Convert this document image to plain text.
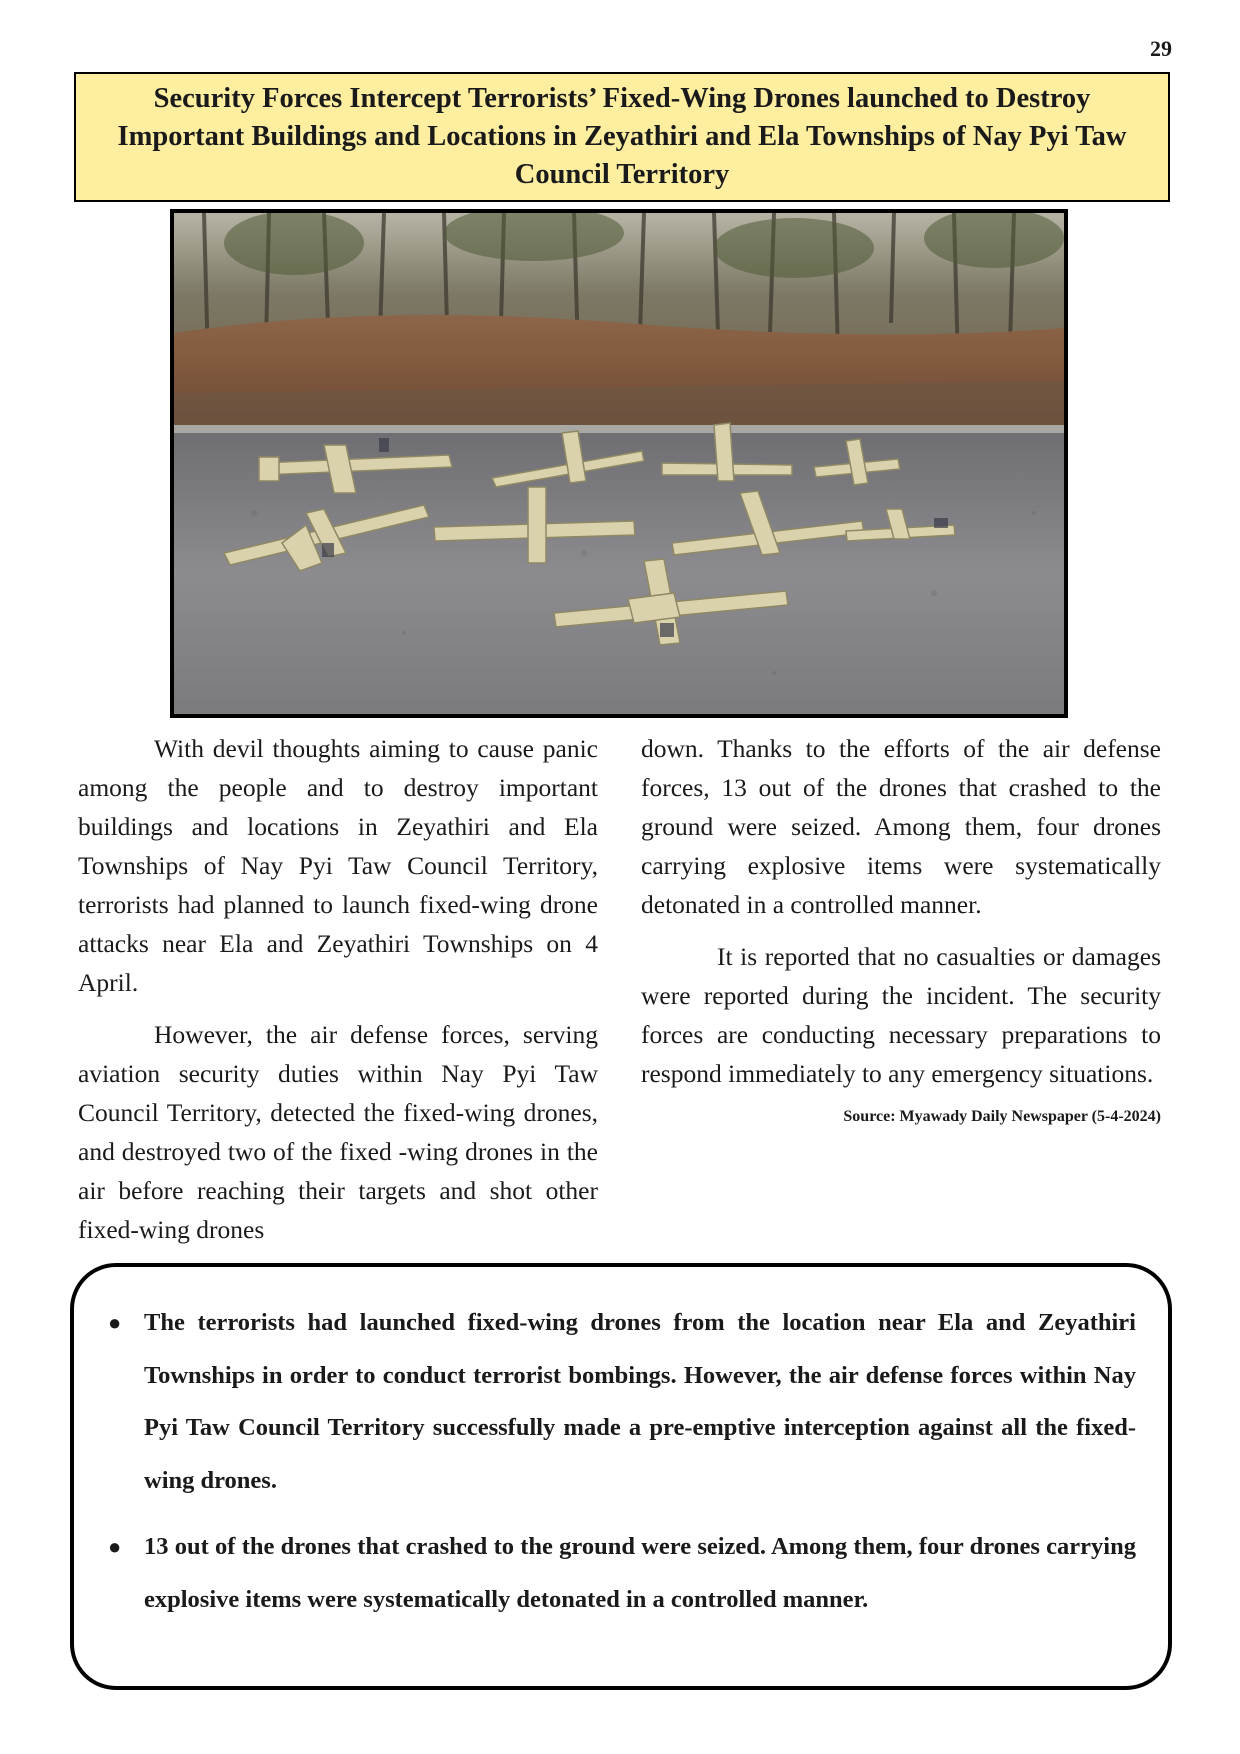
29
Security Forces Intercept Terrorists’ Fixed-Wing Drones launched to Destroy Important Buildings and Locations in Zeyathiri and Ela Townships of Nay Pyi Taw Council Territory

With devil thoughts aiming to cause panic among the people and to destroy important buildings and locations in Zeyathiri and Ela Townships of Nay Pyi Taw Council Territory, terrorists had planned to launch fixed-wing drone attacks near Ela and Zeyathiri Townships on 4 April.

However, the air defense forces, serving aviation security duties within Nay Pyi Taw Council Territory, detected the fixed-wing drones, and destroyed two of the fixed -wing drones in the air before reaching their targets and shot other fixed-wing drones

down. Thanks to the efforts of the air defense forces, 13 out of the drones that crashed to the ground were seized. Among them, four drones carrying explosive items were systematically detonated in a controlled manner.

It is reported that no casualties or damages were reported during the incident. The security forces are conducting necessary preparations to respond immediately to any emergency situations.

Source: Myawady Daily Newspaper (5-4-2024)
● The terrorists had launched fixed-wing drones from the location near Ela and Zeyathiri Townships in order to conduct terrorist bombings. However, the air defense forces within Nay Pyi Taw Council Territory successfully made a pre-emptive interception against all the fixed-wing drones.
● 13 out of the drones that crashed to the ground were seized. Among them, four drones carrying explosive items were systematically detonated in a controlled manner.
